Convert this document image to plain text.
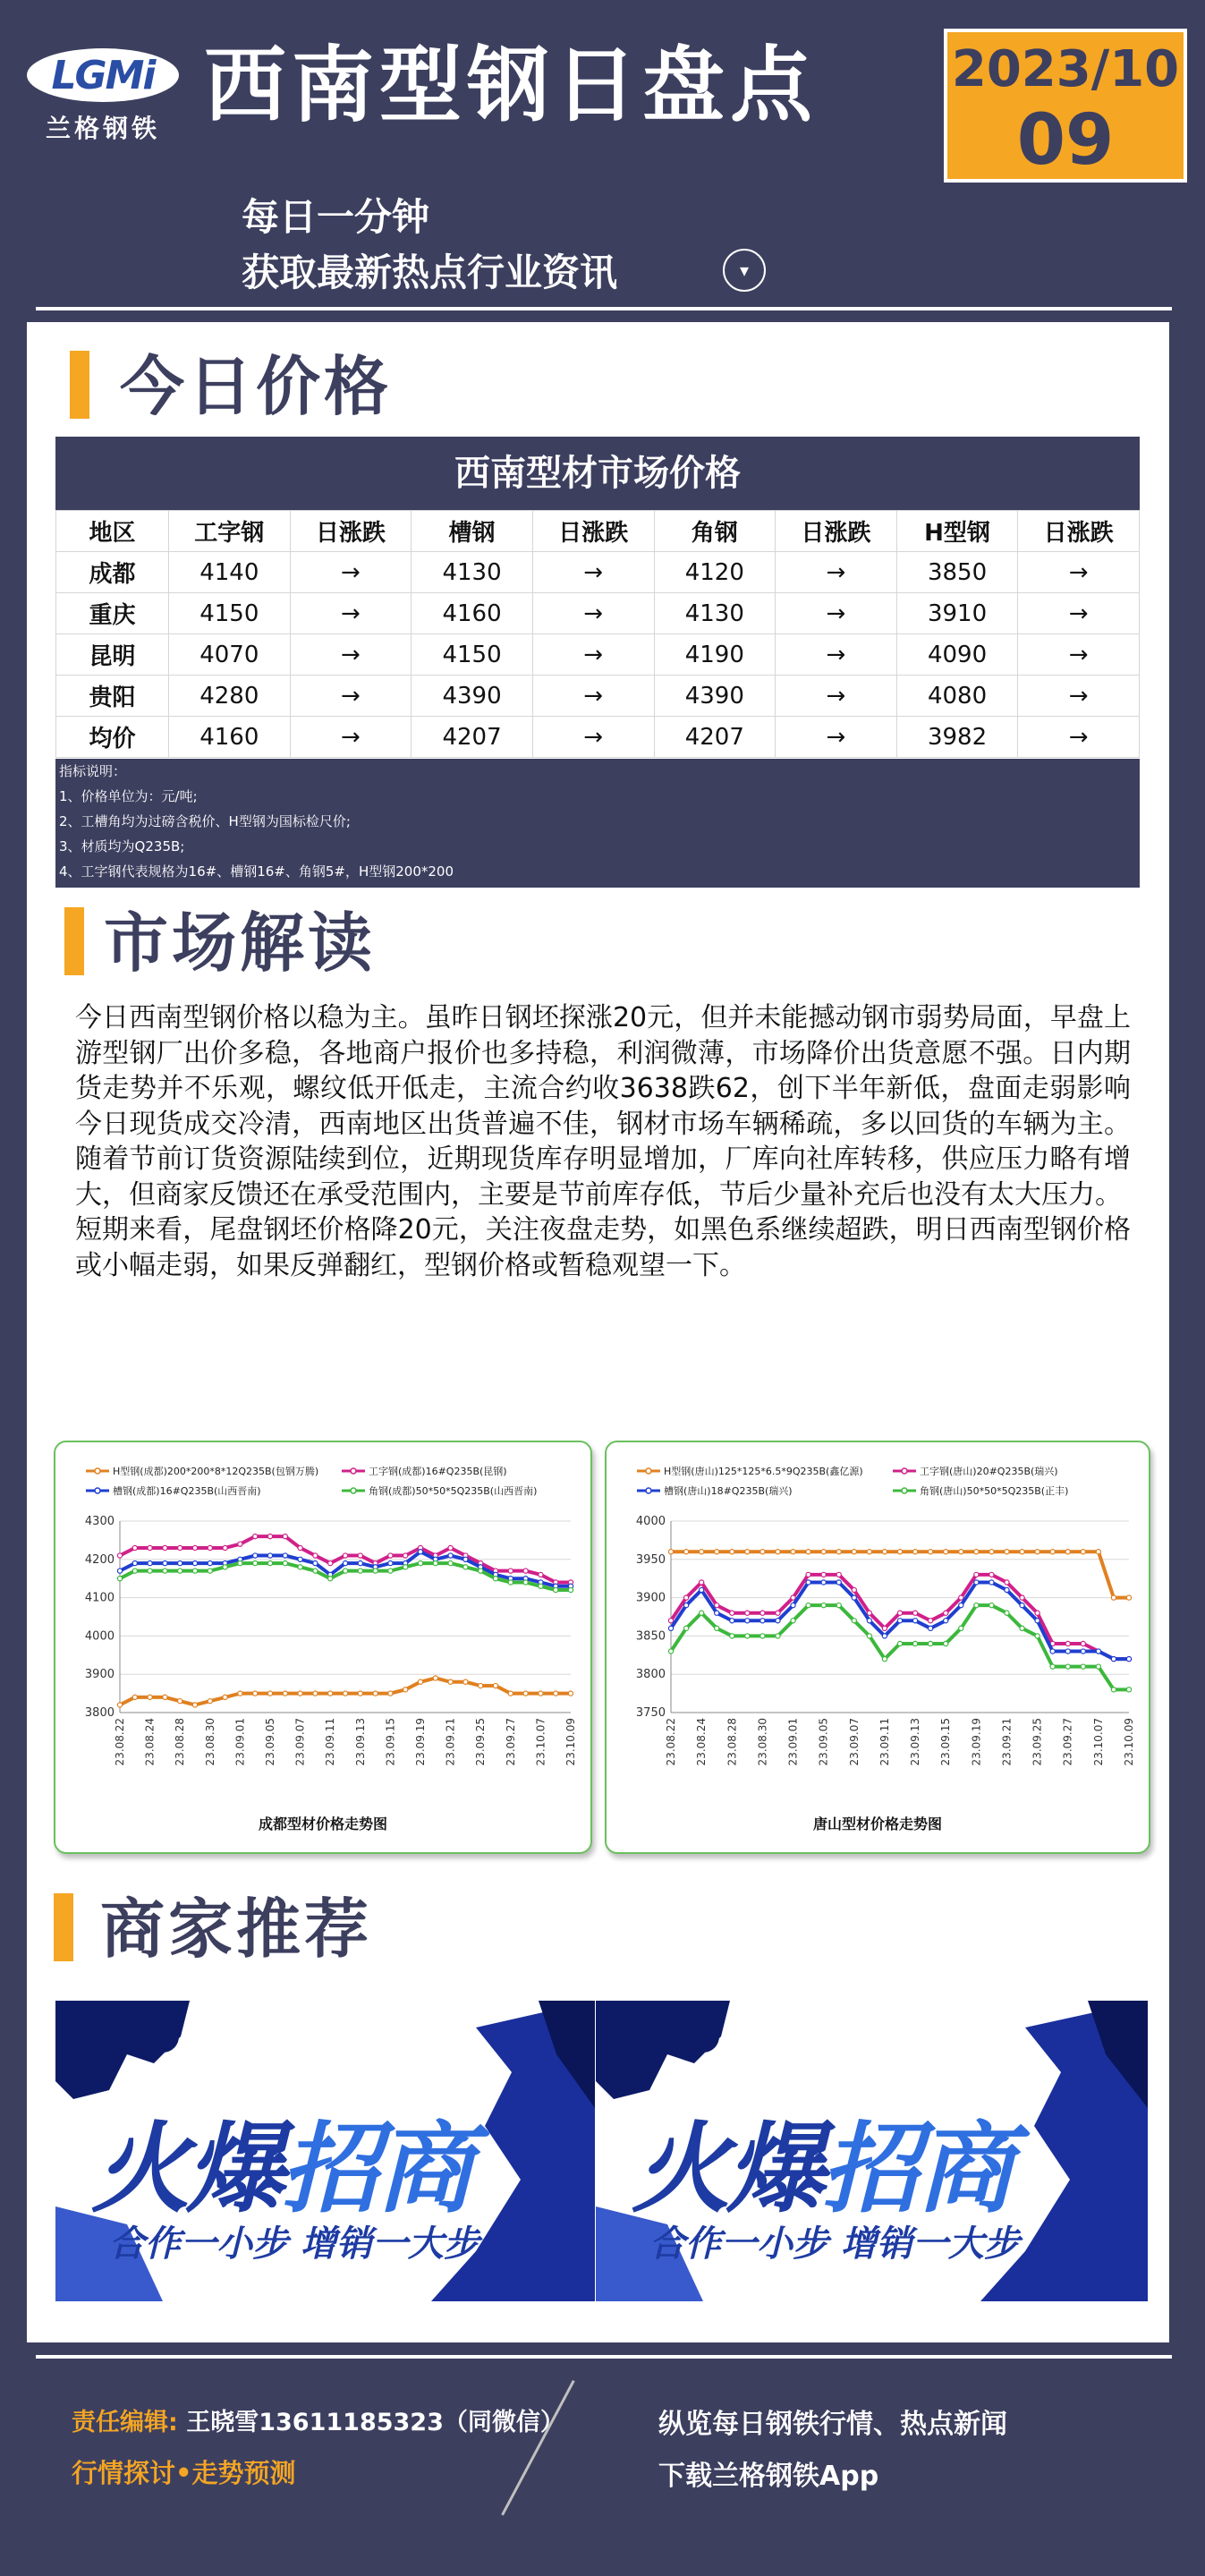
LGMi
兰格钢铁 西南型钢日盘点	2023/10
09
每日一分钟
获取最新热点行业资讯	▾
今日价格
西南型材市场价格
地区	工字钢	日涨跌	槽钢	日涨跌	角钢	日涨跌	H型钢	日涨跌
成都	4140	→	4130	→	4120	→	3850	→
重庆	4150	→	4160	→	4130	→	3910	→
昆明	4070	→	4150	→	4190	→	4090	→
贵阳	4280	→	4390	→	4390	→	4080	→
均价	4160	→	4207	→	4207	→	3982	→
指标说明：
1、价格单位为：元/吨;
2、工槽角均为过磅含税价、H型钢为国标检尺价;
3、材质均为Q235B;
4、工字钢代表规格为16#、槽钢16#、角钢5#，H型钢200*200
市场解读

今日西南型钢价格以稳为主。虽昨日钢坯探涨20元，但并未能撼动钢市弱势局面，早盘上游型钢厂出价多稳，各地商户报价也多持稳，利润微薄，市场降价出货意愿不强。日内期货走势并不乐观，螺纹低开低走，主流合约收3638跌62，创下半年新低，盘面走弱影响今日现货成交冷清，西南地区出货普遍不佳，钢材市场车辆稀疏，多以回货的车辆为主。随着节前订货资源陆续到位，近期现货库存明显增加，厂库向社库转移，供应压力略有增大，但商家反馈还在承受范围内，主要是节前库存低，节后少量补充后也没有太大压力。

短期来看，尾盘钢坯价格降20元，关注夜盘走势，如黑色系继续超跌，明日西南型钢价格或小幅走弱，如果反弹翻红，型钢价格或暂稳观望一下。

H型钢(成都)200*200*8*12Q235B(包钢万腾)	工字钢(成都)16#Q235B(昆钢)
槽钢(成都)16#Q235B(山西晋南)	角钢(成都)50*50*5Q235B(山西晋南)
3800
3900
4000
4100
4200
4300
23.08.22 23.08.24 23.08.28 23.08.30 23.09.01 23.09.05 23.09.07 23.09.11 23.09.13 23.09.15 23.09.19 23.09.21 23.09.25 23.09.27 23.10.07 23.10.09
成都型材价格走势图
H型钢(唐山)125*125*6.5*9Q235B(鑫亿源)	工字钢(唐山)20#Q235B(瑞兴)
槽钢(唐山)18#Q235B(瑞兴)	角钢(唐山)50*50*5Q235B(正丰)
3750
3800
3850
3900
3950
4000
23.08.22 23.08.24 23.08.28 23.08.30 23.09.01 23.09.05 23.09.07 23.09.11 23.09.13 23.09.15 23.09.19 23.09.21 23.09.25 23.09.27 23.10.07 23.10.09
唐山型材价格走势图
商家推荐
火爆招商
合作一小步 增销一大步
火爆招商
合作一小步 增销一大步
责任编辑: 王晓雪13611185323（同微信）
行情探讨•走势预测
纵览每日钢铁行情、热点新闻
下载兰格钢铁App
